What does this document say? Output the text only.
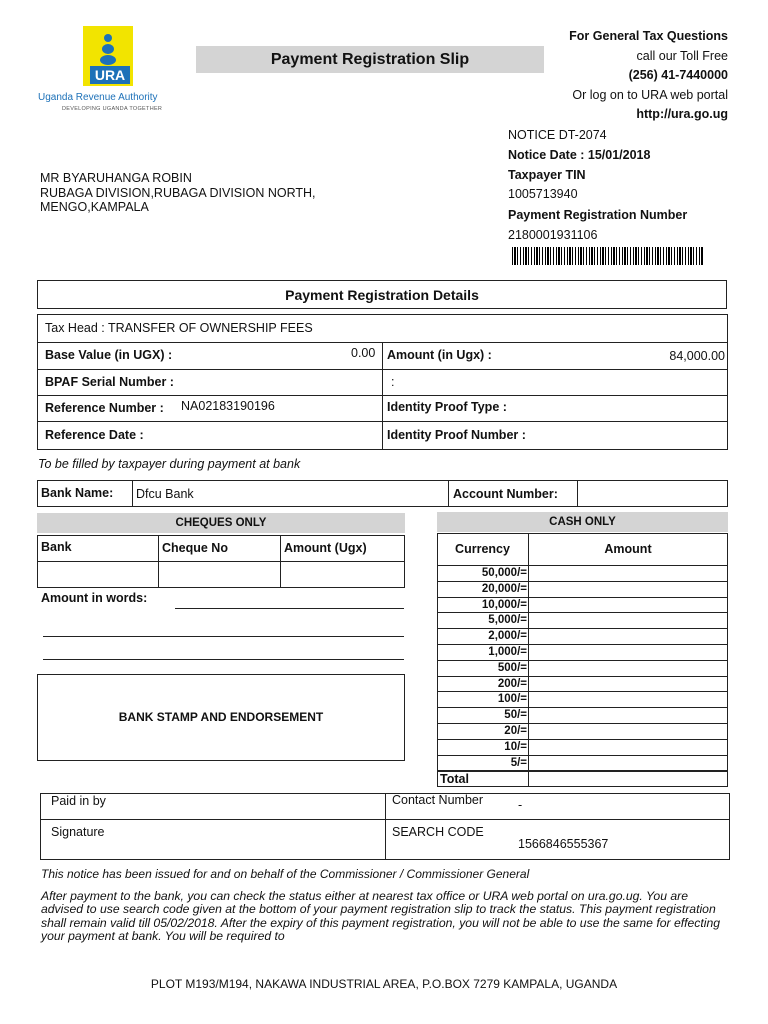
URA
Uganda Revenue Authority
DEVELOPING UGANDA TOGETHER
Payment Registration Slip
For General Tax Questions
call our Toll Free
(256) 41-7440000
Or log on to URA web portal
http://ura.go.ug
NOTICE DT-2074
Notice Date : 15/01/2018
Taxpayer TIN
1005713940
Payment Registration Number
2180001931106
MR BYARUHANGA ROBIN
RUBAGA DIVISION,RUBAGA DIVISION NORTH,
MENGO,KAMPALA
Payment Registration Details
Tax Head : TRANSFER OF OWNERSHIP FEES
Base Value (in UGX) :	0.00 Amount (in Ugx) :	84,000.00
BPAF Serial Number :	:
Reference Number : NA02183190196	Identity Proof Type :
Reference Date :	Identity Proof Number :
To be filled by taxpayer during payment at bank
Bank Name: Dfcu Bank	Account Number:
CHEQUES ONLY
Bank	Cheque No	Amount (Ugx)
Amount in words:
BANK STAMP AND ENDORSEMENT
CASH ONLY
Currency	Amount
50,000/=
20,000/=
10,000/=
5,000/=
2,000/=
1,000/=
500/=
200/=
100/=
50/=
20/=
10/=
5/=
Total
Paid in by	Contact Number	-
Signature	SEARCH CODE
1566846555367
This notice has been issued for and on behalf of the Commissioner / Commissioner General
After payment to the bank, you can check the status either at nearest tax office or URA web portal on ura.go.ug. You are advised to use search code given at the bottom of your payment registration slip to track the status. This payment registration shall remain valid till 05/02/2018. After the expiry of this payment registration, you will not be able to use the same for effecting your payment at bank. You will be required to
PLOT M193/M194, NAKAWA INDUSTRIAL AREA, P.O.BOX 7279 KAMPALA, UGANDA
